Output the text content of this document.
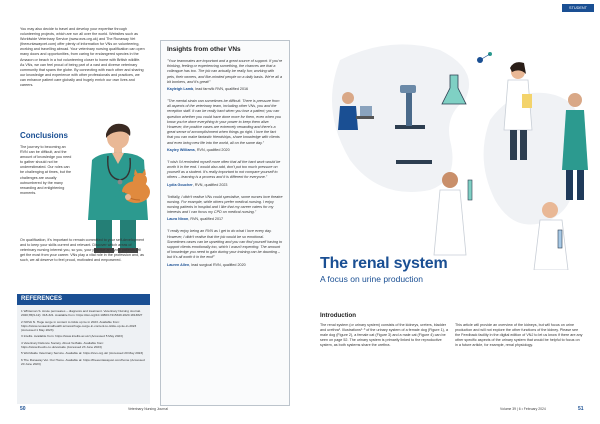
You may also decide to travel and develop your expertise through volunteering projects, which are run all over the world. Websites such as Worldwide Veterinary Service (www.wvs.org.uk) and The Runaway Vet (theeuntawayvet.com) offer plenty of information for VNs on volunteering, working and travelling abroad. Your veterinary nursing qualification can open many doors and opportunities, from caring for endangered species in the Amazon or beach in a hut volunteering closer to home with British wildlife. As VNs, we can feel proud of being part of a vast and diverse veterinary community that spans the globe. By connecting with each other and sharing our knowledge and experience with other professionals and practices, we can enhance patient care globally and hugely enrich our own lives and careers.

Conclusions

The journey to becoming an RVN can be difficult, and the amount of knowledge you need to gather should not be underestimated. Our roles can be challenging at times, but the challenges are usually outnumbered by the many rewarding and enlightening moments.

On qualification, it's important to remain committed to your self-development and to keep your skills current and relevant. Discover which areas of veterinary nursing interest you, so you, your practice and your patients will get the most from your career. VNs play a vital role in the profession and, as such, we all deserve to feel proud, motivated and empowered.

REFERENCES
1 Whiteman S. Acute permeates – diagnosis and treatment. Veterinary Nursing Journal. 2020;35(9-12): 318-321. Available from: https://doi.org/10.1080/17415349.2020.1813827
2 NOVA N. Huge surge in content to tickle up tie in 2023. Available from: https://www.novaanimalhealth.ie/news/huge-surge-in-content-to-tickle-up-tie-in-2023 (Accessed 1 May 2023)
3 Intellis. Available from: https://www.intellis.ac.uk/ (Accessed 5 May 2023)
4 Veterinary Defence Society. About VetSafe. Available from: https://www.thevds.co.uk/vetsafe (Accessed 23 June 2023)
5 Worldwide Veterinary Service. Available at: https://wvs.org.uk/ (Accessed 20 May 2023)
6 The Runaway Vet. Our Home. Available at: https://theeuntawayvet.com/home (Accessed 20 June 2023)
Insights from other VNs

"Your teammates are important and a great source of support. If you're thinking, feeling or experiencing something, the chances are that a colleague has too. The job can actually be really fun; working with pets, their owners, and like-minded people on a daily basis. We're all a bit bonkers, and it's great!"

Kayleigh Lamb, lead farm/ik RVN, qualified 2016

"The mental strain can sometimes be difficult. There is pressure from all aspects of the veterinary team, including other VNs, you and the reception staff. It can be really hard when you lose a patient; you can question whether you could have done more for them, even when you know you've done everything in your power to keep them alive. However, the positive cases are extremely rewarding and there's a great sense of accomplishment when things go right. I love the fact that you can make fantastic friendships, share knowledge with clients and even bring new life into the world, all on the same day."

Kayley Williams, RVN, qualified 2020

"I wish I'd reminded myself more often that all the hard work would be worth it in the end. I would also add, don't put too much pressure on yourself as a student. It's really important to not compare yourself to others – learning is a process and it is different for everyone."

Lydia Goucher, RVN, qualified 2023

"Initially, I didn't realise VNs could specialise, some nurses love theatre nursing. For example, while others prefer medical nursing. I enjoy nursing patients in hospital and I like that my career caters for my interests and I can focus my CPD on medical nursing."

Laura Nixon, RVN, qualified 2017

"I really enjoy being an RVN as I get to do what I love every day. However, I didn't realise that the job would be so emotional. Sometimes cases can be upsetting and you can find yourself having to support clients emotionally too, which I wasn't expecting. The amount of knowledge you need to gain during your training can be daunting – but it's all worth it in the end!"

Lauren Allen, lead surgical RVN, qualified 2020

50	Veterinary Nursing Journal
STUDENT
The renal system
A focus on urine production
Introduction

The renal system (or urinary system) consists of the kidneys, ureters, bladder and urethra¹. Illustrations¹⁻³ of the urinary system of a female dog (Figure 1), a male dog (Figure 2), a female cat (Figure 3) and a male cat (Figure 4) can be seen on page 52. The urinary system is primarily linked to the reproductive system, as both systems share the urethra.

This article will provide an overview of the kidneys, but will focus on urine production and will not explore the other functions of the kidney. Please see the Feedback facility in the digital edition of VNJ to let us know if there are any other specific aspects of the urinary system that would be helpful to focus on in a future article, for example, renal physiology.

Volume 39 | 6 • February 2024	51
